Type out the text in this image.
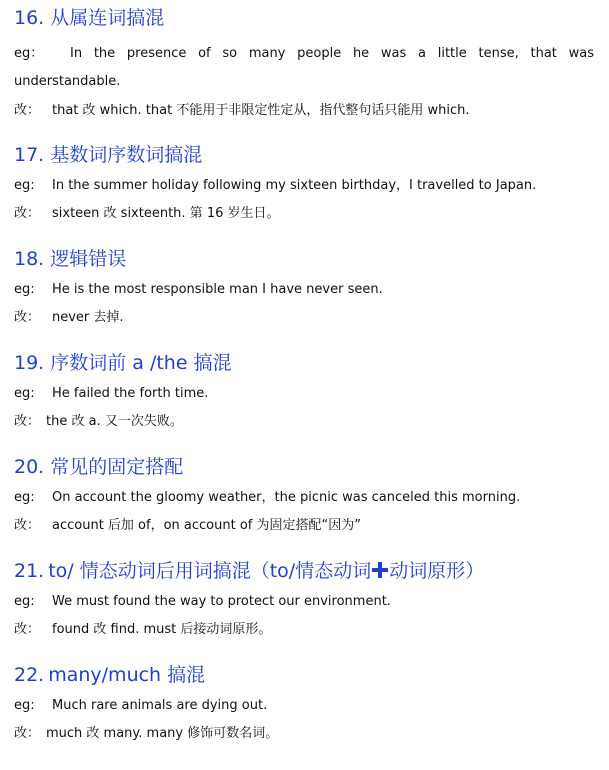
16. 从属连词搞混
eg： In the presence of so many people he was a little tense, that was understandable.
改： that 改 which. that 不能用于非限定性定从，指代整句话只能用 which.
17. 基数词序数词搞混
eg: In the summer holiday following my sixteen birthday，I travelled to Japan.
改： sixteen 改 sixteenth. 第 16 岁生日。
18. 逻辑错误
eg: He is the most responsible man I have never seen.
改： never 去掉.
19. 序数词前 a /the 搞混
eg: He failed the forth time.
改： the 改 a. 又一次失败。
20. 常见的固定搭配
eg: On account the gloomy weather，the picnic was canceled this morning.
改： account 后加 of，on account of 为固定搭配“因为”
21. to/ 情态动词后用词搞混（to/情态动词 动词原形）
eg: We must found the way to protect our environment.
改： found 改 find. must 后接动词原形。
22. many/much 搞混
eg: Much rare animals are dying out.
改： much 改 many. many 修饰可数名词。
